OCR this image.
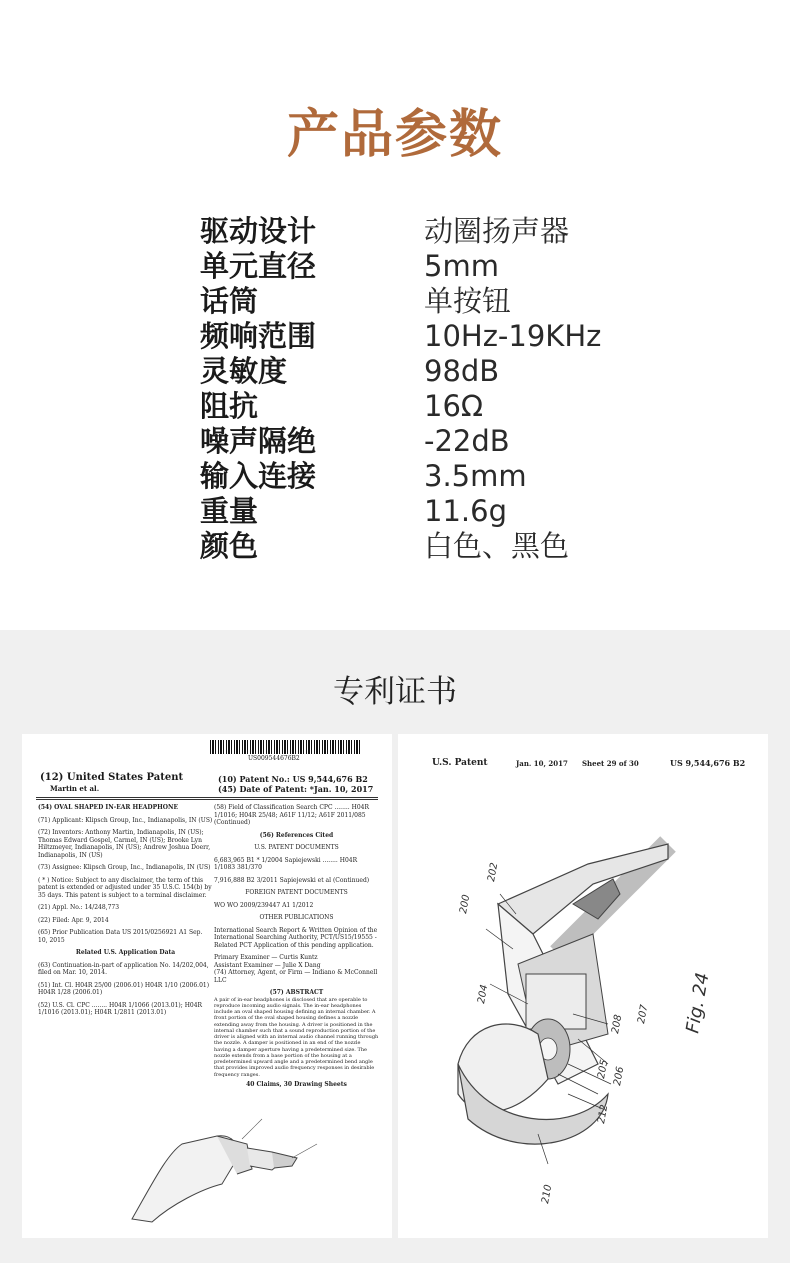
产品参数
驱动设计	动圈扬声器
单元直径	5mm
话筒	单按钮
频响范围	10Hz-19KHz
灵敏度	98dB
阻抗	16Ω
噪声隔绝	-22dB
输入连接	3.5mm
重量	11.6g
颜色	白色、黑色
专利证书
US009544676B2
(12) United States Patent
Martin et al.
(10) Patent No.: US 9,544,676 B2
(45) Date of Patent: *Jan. 10, 2017

(54) OVAL SHAPED IN-EAR HEADPHONE

(71) Applicant: Klipsch Group, Inc., Indianapolis, IN (US)

(72) Inventors: Anthony Martin, Indianapolis, IN (US); Thomas Edward Gospel, Carmel, IN (US); Brooke Lyn Hiltzmeyer, Indianapolis, IN (US); Andrew Joshua Doerr, Indianapolis, IN (US)

(73) Assignee: Klipsch Group, Inc., Indianapolis, IN (US)

( * ) Notice: Subject to any disclaimer, the term of this patent is extended or adjusted under 35 U.S.C. 154(b) by 35 days. This patent is subject to a terminal disclaimer.

(21) Appl. No.: 14/248,773

(22) Filed: Apr. 9, 2014

(65) Prior Publication Data US 2015/0256921 A1 Sep. 10, 2015

Related U.S. Application Data

(63) Continuation-in-part of application No. 14/202,004, filed on Mar. 10, 2014.

(51) Int. Cl. H04R 25/00 (2006.01) H04R 1/10 (2006.01) H04R 1/28 (2006.01)

(52) U.S. Cl. CPC ........ H04R 1/1066 (2013.01); H04R 1/1016 (2013.01); H04R 1/2811 (2013.01)

(58) Field of Classification Search CPC ........ H04R 1/1016; H04R 25/48; A61F 11/12; A61F 2011/085 (Continued)

(56) References Cited

U.S. PATENT DOCUMENTS

6,683,965 B1 * 1/2004 Sapiejewski ........ H04R 1/1083 381/370

7,916,888 B2 3/2011 Sapiejewski et al (Continued)

FOREIGN PATENT DOCUMENTS

WO WO 2009/239447 A1 1/2012

OTHER PUBLICATIONS

International Search Report & Written Opinion of the International Searching Authority, PCT/US15/19555 - Related PCT Application of this pending application.

Primary Examiner — Curtis Kuntz

Assistant Examiner — Julie X Dang

(74) Attorney, Agent, or Firm — Indiano & McConnell LLC

(57) ABSTRACT

A pair of in-ear headphones is disclosed that are operable to reproduce incoming audio signals. The in-ear headphones include an oval shaped housing defining an internal chamber. A front portion of the oval shaped housing defines a nozzle extending away from the housing. A driver is positioned in the internal chamber such that a sound reproduction portion of the driver is aligned with an internal audio channel running through the nozzle. A damper is positioned in an end of the nozzle having a damper aperture having a predetermined size. The nozzle extends from a base portion of the housing at a predetermined upward angle and a predetermined bend angle that provides improved audio frequency responses in desirable frequency ranges.

40 Claims, 30 Drawing Sheets

U.S. Patent	Jan. 10, 2017 Sheet 29 of 30	US 9,544,676 B2
200
202
204
205 206
207
208
210
212
Fig. 24
